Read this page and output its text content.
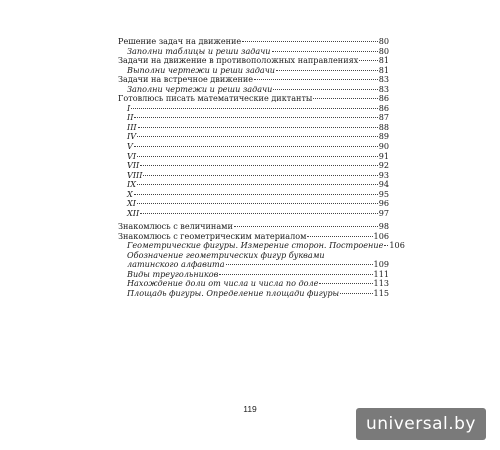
Решение задач на движение	80
Заполни таблицы и реши задачи	80
Задачи на движение в противоположных направлениях	81
Выполни чертежи и реши задачи	81
Задачи на встречное движение	83
Заполни чертежи и реши задачи	83
Готовлюсь писать математические диктанты	86
I	86
II	87
III	88
IV	89
V	90
VI	91
VII	92
VIII	93
IX	94
X	95
XI	96
XII	97
Знакомлюсь с величинами	98
Знакомлюсь с геометрическим материалом	106
Геометрические фигуры. Измерение сторон. Построение 106
Обозначение геометрических фигур буквами
латинского алфавита	109
Виды треугольников	111
Нахождение доли от числа и числа по доле	113
Площадь фигуры. Определение площади фигуры	115
119
universal.by
